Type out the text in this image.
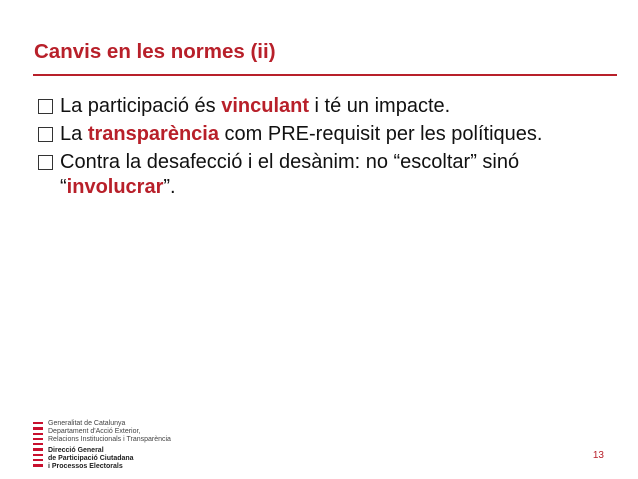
Canvis en les normes (ii)
La participació és vinculant i té un impacte.
La transparència com PRE-requisit per les polítiques.
Contra la desafecció i el desànim: no “escoltar” sinó “involucrar”.
Generalitat de Catalunya
Departament d'Acció Exterior,
Relacions Institucionals i Transparència
Direcció General
de Participació Ciutadana
i Processos Electorals
13
